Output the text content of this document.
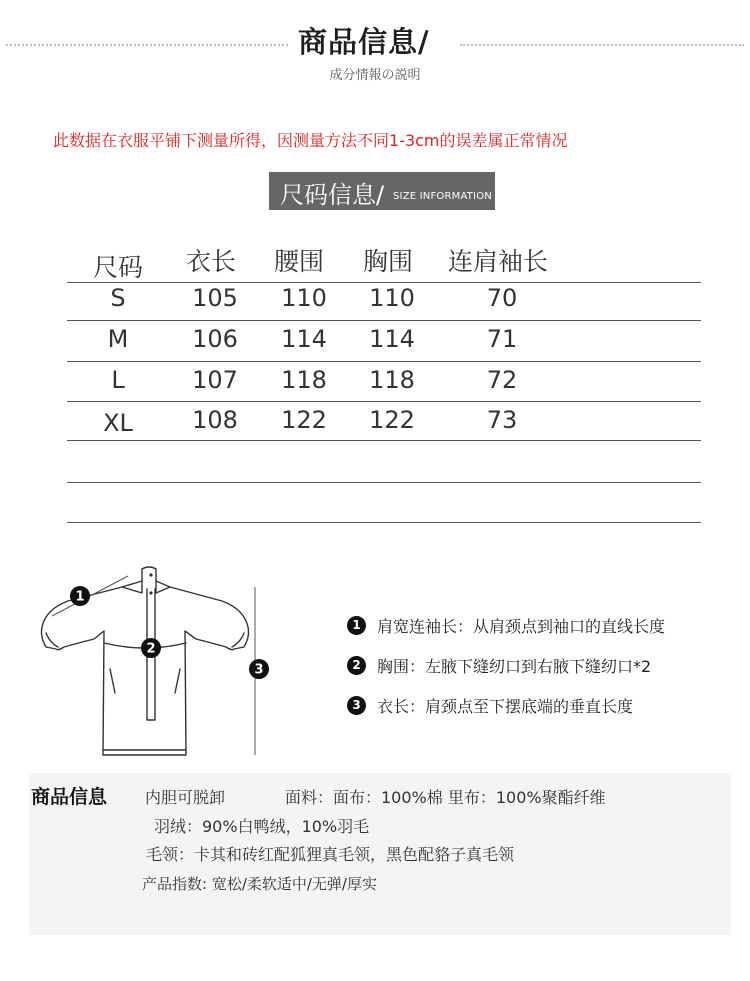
商品信息/
成分情報の説明
此数据在衣服平铺下测量所得，因测量方法不同1-3cm的误差属正常情况
尺码信息/ SIZE INFORMATION
尺码 衣长 腰围 胸围 连肩袖长
S	105	110	110	70
M	106	114	114	71
L	107	118	118	72
XL	108	122	122	73
1
2
3
1	肩宽连袖长：从肩颈点到袖口的直线长度
2	胸围：左腋下缝纫口到右腋下缝纫口*2
3	衣长：肩颈点至下摆底端的垂直长度
商品信息 内胆可脱卸	面料：面布：100%棉 里布：100%聚酯纤维
羽绒：90%白鸭绒，10%羽毛
毛领：卡其和砖红配狐狸真毛领，黑色配貉子真毛领
产品指数: 宽松/柔软适中/无弹/厚实
